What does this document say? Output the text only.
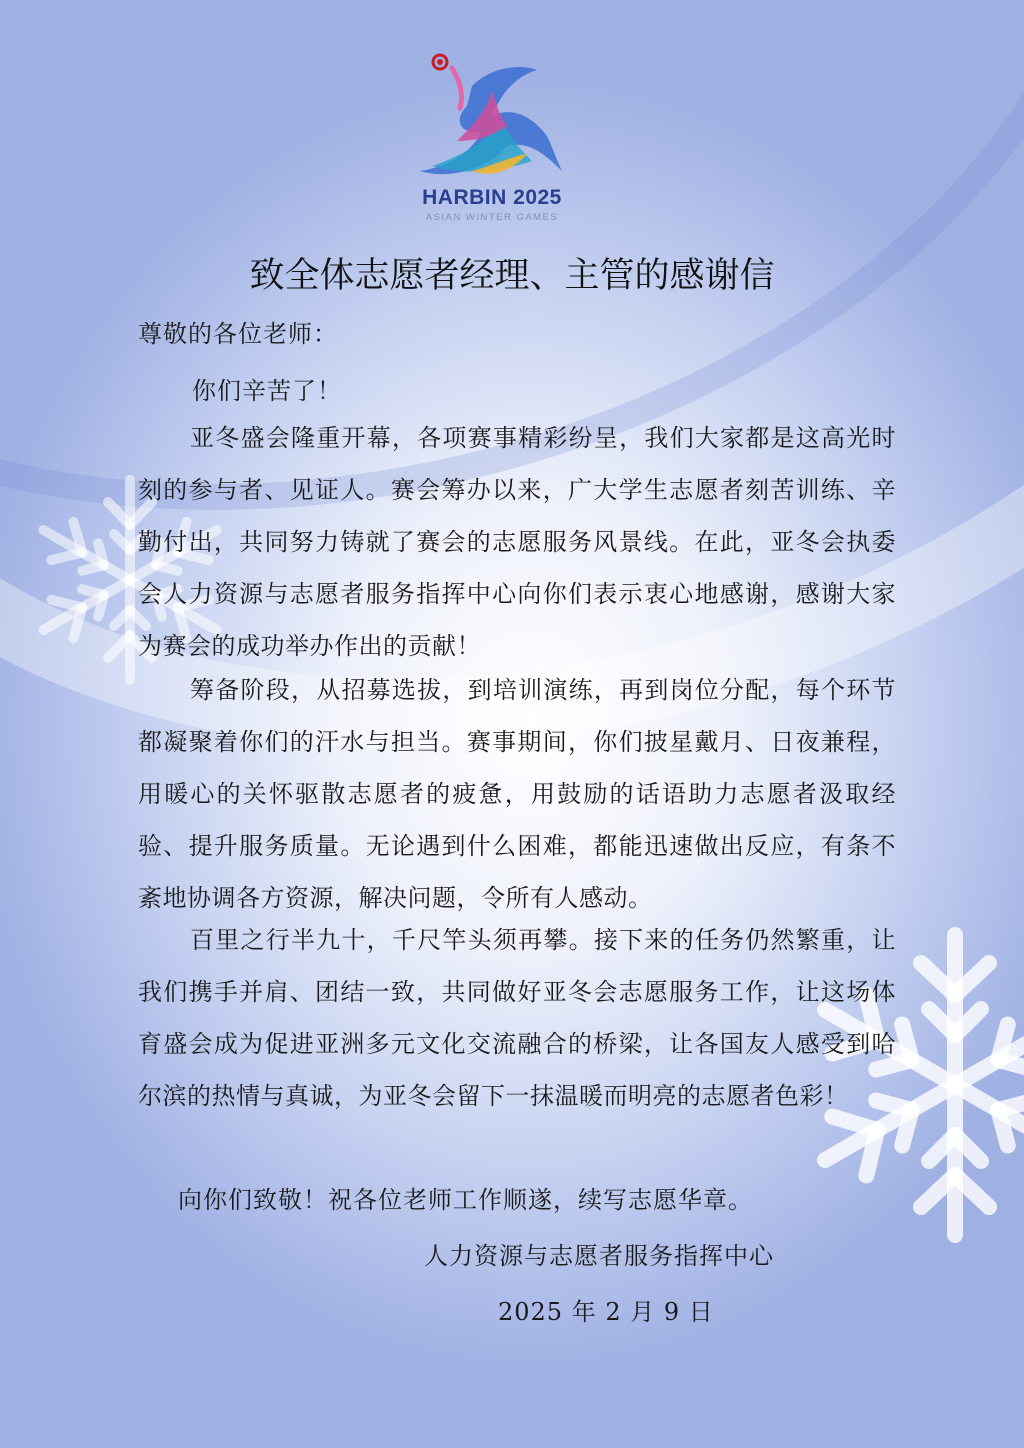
HARBIN 2025
ASIAN WINTER GAMES
致全体志愿者经理、主管的感谢信
尊敬的各位老师：
你们辛苦了！
亚冬盛会隆重开幕，各项赛事精彩纷呈，我们大家都是这高光时刻的参与者、见证人。赛会筹办以来，广大学生志愿者刻苦训练、辛勤付出，共同努力铸就了赛会的志愿服务风景线。在此，亚冬会执委会人力资源与志愿者服务指挥中心向你们表示衷心地感谢，感谢大家为赛会的成功举办作出的贡献！
筹备阶段，从招募选拔，到培训演练，再到岗位分配，每个环节都凝聚着你们的汗水与担当。赛事期间，你们披星戴月、日夜兼程，用暖心的关怀驱散志愿者的疲惫，用鼓励的话语助力志愿者汲取经验、提升服务质量。无论遇到什么困难，都能迅速做出反应，有条不紊地协调各方资源，解决问题，令所有人感动。
百里之行半九十，千尺竿头须再攀。接下来的任务仍然繁重，让我们携手并肩、团结一致，共同做好亚冬会志愿服务工作，让这场体育盛会成为促进亚洲多元文化交流融合的桥梁，让各国友人感受到哈尔滨的热情与真诚，为亚冬会留下一抹温暖而明亮的志愿者色彩！
向你们致敬！祝各位老师工作顺遂，续写志愿华章。
人力资源与志愿者服务指挥中心
2025 年 2 月 9 日
